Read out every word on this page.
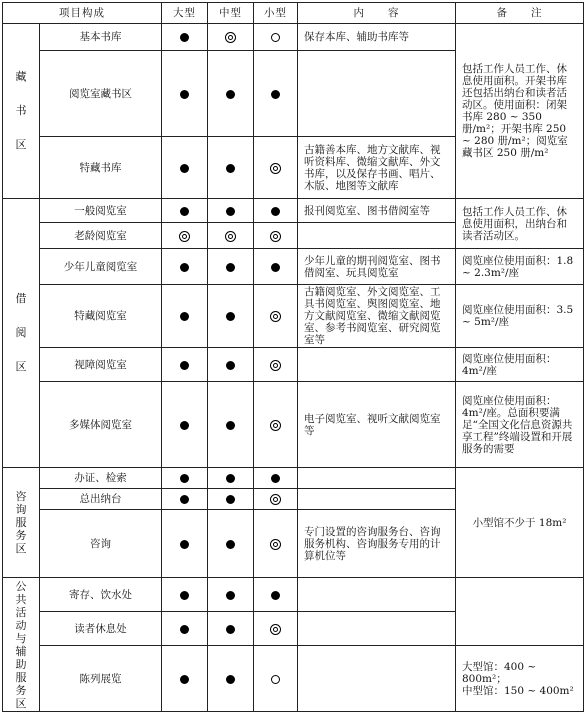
项目构成		大型	中型	小型	内　　容	备　　注
藏书区	基本书库				保存本库、辅助书库等	包括工作人员工作、休息使用面积。开架书库还包括出纳台和读者活动区。使用面积：闭架书库 280 ~ 350 册/m²；开架书库 250 ~ 280 册/m²；阅览室藏书区 250 册/m²
	阅览室藏书区					
	特藏书库				古籍善本库、地方文献库、视听资料库、微缩文献库、外文书库，以及保存书画、唱片、木版、地图等文献库	
借阅区	一般阅览室				报刊阅览室、图书借阅室等	包括工作人员工作、休息使用面积，出纳台和读者活动区。
	老龄阅览室					
	少年儿童阅览室				少年儿童的期刊阅览室、图书借阅室、玩具阅览室	阅览座位使用面积：1.8 ~ 2.3m²/座
	特藏阅览室				古籍阅览室、外文阅览室、工具书阅览室、舆图阅览室、地方文献阅览室、微缩文献阅览室、参考书阅览室、研究阅览室等	阅览座位使用面积：3.5 ~ 5m²/座
	视障阅览室					阅览座位使用面积：4m²/座
	多媒体阅览室				电子阅览室、视听文献阅览室等	阅览座位使用面积：4m²/座。总面积要满足“全国文化信息资源共享工程”终端设置和开展服务的需要
咨询服务区	办证、检索					小型馆不少于 18m²
	总出纳台					
	咨询				专门设置的咨询服务台、咨询服务机构、咨询服务专用的计算机位等	
公共活动与辅助服务区	寄存、饮水处					
	读者休息处					
	陈列展览					大型馆：400 ~ 800m²；
中型馆：150 ~ 400m²
